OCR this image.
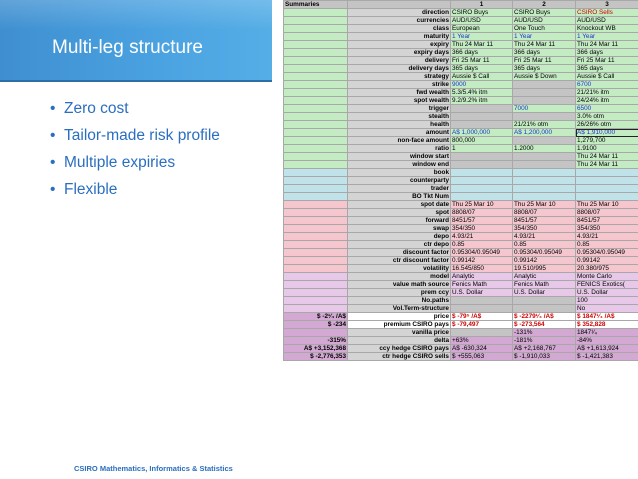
Multi-leg structure
• Zero cost
• Tailor-made risk profile
• Multiple expiries
• Flexible
CSIRO Mathematics, Informatics & Statistics
Summaries		1	2	3
	direction	CSIRO Buys	CSIRO Buys	CSIRO Sells
	currencies	AUD/USD	AUD/USD	AUD/USD
	class	European	One Touch	Knockout WB
	maturity	1 Year	1 Year	1 Year
	expiry	Thu 24 Mar 11	Thu 24 Mar 11	Thu 24 Mar 11
	expiry days	366 days	366 days	366 days
	delivery	Fri 25 Mar 11	Fri 25 Mar 11	Fri 25 Mar 11
	delivery days	365 days	365 days	365 days
	strategy	Aussie $ Call	Aussie $ Down	Aussie $ Call
	strike	9000		6700
	fwd wealth	5.3/5.4% itm		21/21% itm
	spot wealth	9.2/9.2% itm		24/24% itm
	trigger		7000	6500
	stealth			3.0% otm
	health		21/21% otm	26/26% otm
	amount	A$ 1,000,000	A$ 1,200,000	A$ 1,910,000
	non-face amount	800,000		1,279,700
	ratio	1	1.2000	1.9100
	window start			Thu 24 Mar 11
	window end			Thu 24 Mar 11
	book			
	counterparty			
	trader			
	BO Tkt Num			
	spot date	Thu 25 Mar 10	Thu 25 Mar 10	Thu 25 Mar 10
	spot	8808/07	8808/07	8808/07
	forward	8451/57	8451/57	8451/57
	swap	354/350	354/350	354/350
	depo	4.93/21	4.93/21	4.93/21
	ctr depo	0.85	0.85	0.85
	discount factor	0.95304/0.95049	0.95304/0.95049	0.95304/0.95049
	ctr discount factor	0.99142	0.99142	0.99142
	volatility	16.545/850	19.510/995	20.380/975
	model	Analytic	Analytic	Monte Carlo
	value math source	Fenics Math	Fenics Math	FENICS Exotics(
	prem ccy	U.S. Dollar	U.S. Dollar	U.S. Dollar
	No.paths			100
	Vol.Term-structure			No
$ -2¹⁄₄ /A$	price	$ -79⁵ /A$	$ -2279¹⁄₄ /A$	$ 1847¹⁄₄ /A$
$ -234	premium CSIRO pays	$ -79,497	$ -273,564	$ 352,828
	vanilla price		-131%	1847¹⁄₄
-315%	delta	+63%	-181%	-84%
A$ +3,152,368	ccy hedge CSIRO pays	A$ -630,324	A$ +2,168,767	A$ +1,613,924
$ -2,776,353	ctr hedge CSIRO sells	$ +555,063	$ -1,910,033	$ -1,421,383
